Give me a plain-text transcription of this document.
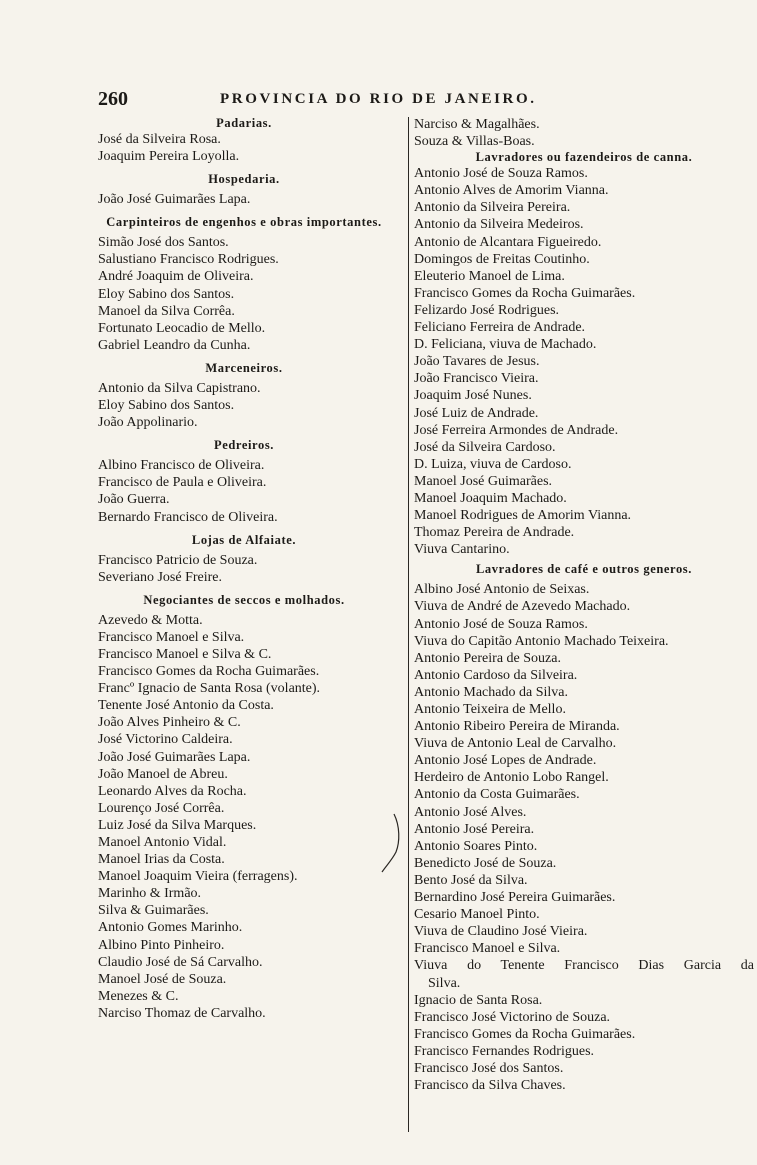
260	PROVINCIA DO RIO DE JANEIRO.
Padarias.
José da Silveira Rosa.
Joaquim Pereira Loyolla.
Hospedaria.
João José Guimarães Lapa.
Carpinteiros de engenhos e obras importantes.
Simão José dos Santos.
Salustiano Francisco Rodrigues.
André Joaquim de Oliveira.
Eloy Sabino dos Santos.
Manoel da Silva Corrêa.
Fortunato Leocadio de Mello.
Gabriel Leandro da Cunha.
Marceneiros.
Antonio da Silva Capistrano.
Eloy Sabino dos Santos.
João Appolinario.
Pedreiros.
Albino Francisco de Oliveira.
Francisco de Paula e Oliveira.
João Guerra.
Bernardo Francisco de Oliveira.
Lojas de Alfaiate.
Francisco Patricio de Souza.
Severiano José Freire.
Negociantes de seccos e molhados.
Azevedo & Motta.
Francisco Manoel e Silva.
Francisco Manoel e Silva & C.
Francisco Gomes da Rocha Guimarães.
Francº Ignacio de Santa Rosa (volante).
Tenente José Antonio da Costa.
João Alves Pinheiro & C.
José Victorino Caldeira.
João José Guimarães Lapa.
João Manoel de Abreu.
Leonardo Alves da Rocha.
Lourenço José Corrêa.
Luiz José da Silva Marques.
Manoel Antonio Vidal.
Manoel Irias da Costa.
Manoel Joaquim Vieira (ferragens).
Marinho & Irmão.
Silva & Guimarães.
Antonio Gomes Marinho.
Albino Pinto Pinheiro.
Claudio José de Sá Carvalho.
Manoel José de Souza.
Menezes & C.
Narciso Thomaz de Carvalho.
Narciso & Magalhães.
Souza & Villas-Boas.
Lavradores ou fazendeiros de canna.
Antonio José de Souza Ramos.
Antonio Alves de Amorim Vianna.
Antonio da Silveira Pereira.
Antonio da Silveira Medeiros.
Antonio de Alcantara Figueiredo.
Domingos de Freitas Coutinho.
Eleuterio Manoel de Lima.
Francisco Gomes da Rocha Guimarães.
Felizardo José Rodrigues.
Feliciano Ferreira de Andrade.
D. Feliciana, viuva de Machado.
João Tavares de Jesus.
João Francisco Vieira.
Joaquim José Nunes.
José Luiz de Andrade.
José Ferreira Armondes de Andrade.
José da Silveira Cardoso.
D. Luiza, viuva de Cardoso.
Manoel José Guimarães.
Manoel Joaquim Machado.
Manoel Rodrigues de Amorim Vianna.
Thomaz Pereira de Andrade.
Viuva Cantarino.
Lavradores de café e outros generos.
Albino José Antonio de Seixas.
Viuva de André de Azevedo Machado.
Antonio José de Souza Ramos.
Viuva do Capitão Antonio Machado Teixeira.
Antonio Pereira de Souza.
Antonio Cardoso da Silveira.
Antonio Machado da Silva.
Antonio Teixeira de Mello.
Antonio Ribeiro Pereira de Miranda.
Viuva de Antonio Leal de Carvalho.
Antonio José Lopes de Andrade.
Herdeiro de Antonio Lobo Rangel.
Antonio da Costa Guimarães.
Antonio José Alves.
Antonio José Pereira.
Antonio Soares Pinto.
Benedicto José de Souza.
Bento José da Silva.
Bernardino José Pereira Guimarães.
Cesario Manoel Pinto.
Viuva de Claudino José Vieira.
Francisco Manoel e Silva.
Viuva do Tenente Francisco Dias Garcia da
Silva.
Ignacio de Santa Rosa.
Francisco José Victorino de Souza.
Francisco Gomes da Rocha Guimarães.
Francisco Fernandes Rodrigues.
Francisco José dos Santos.
Francisco da Silva Chaves.
